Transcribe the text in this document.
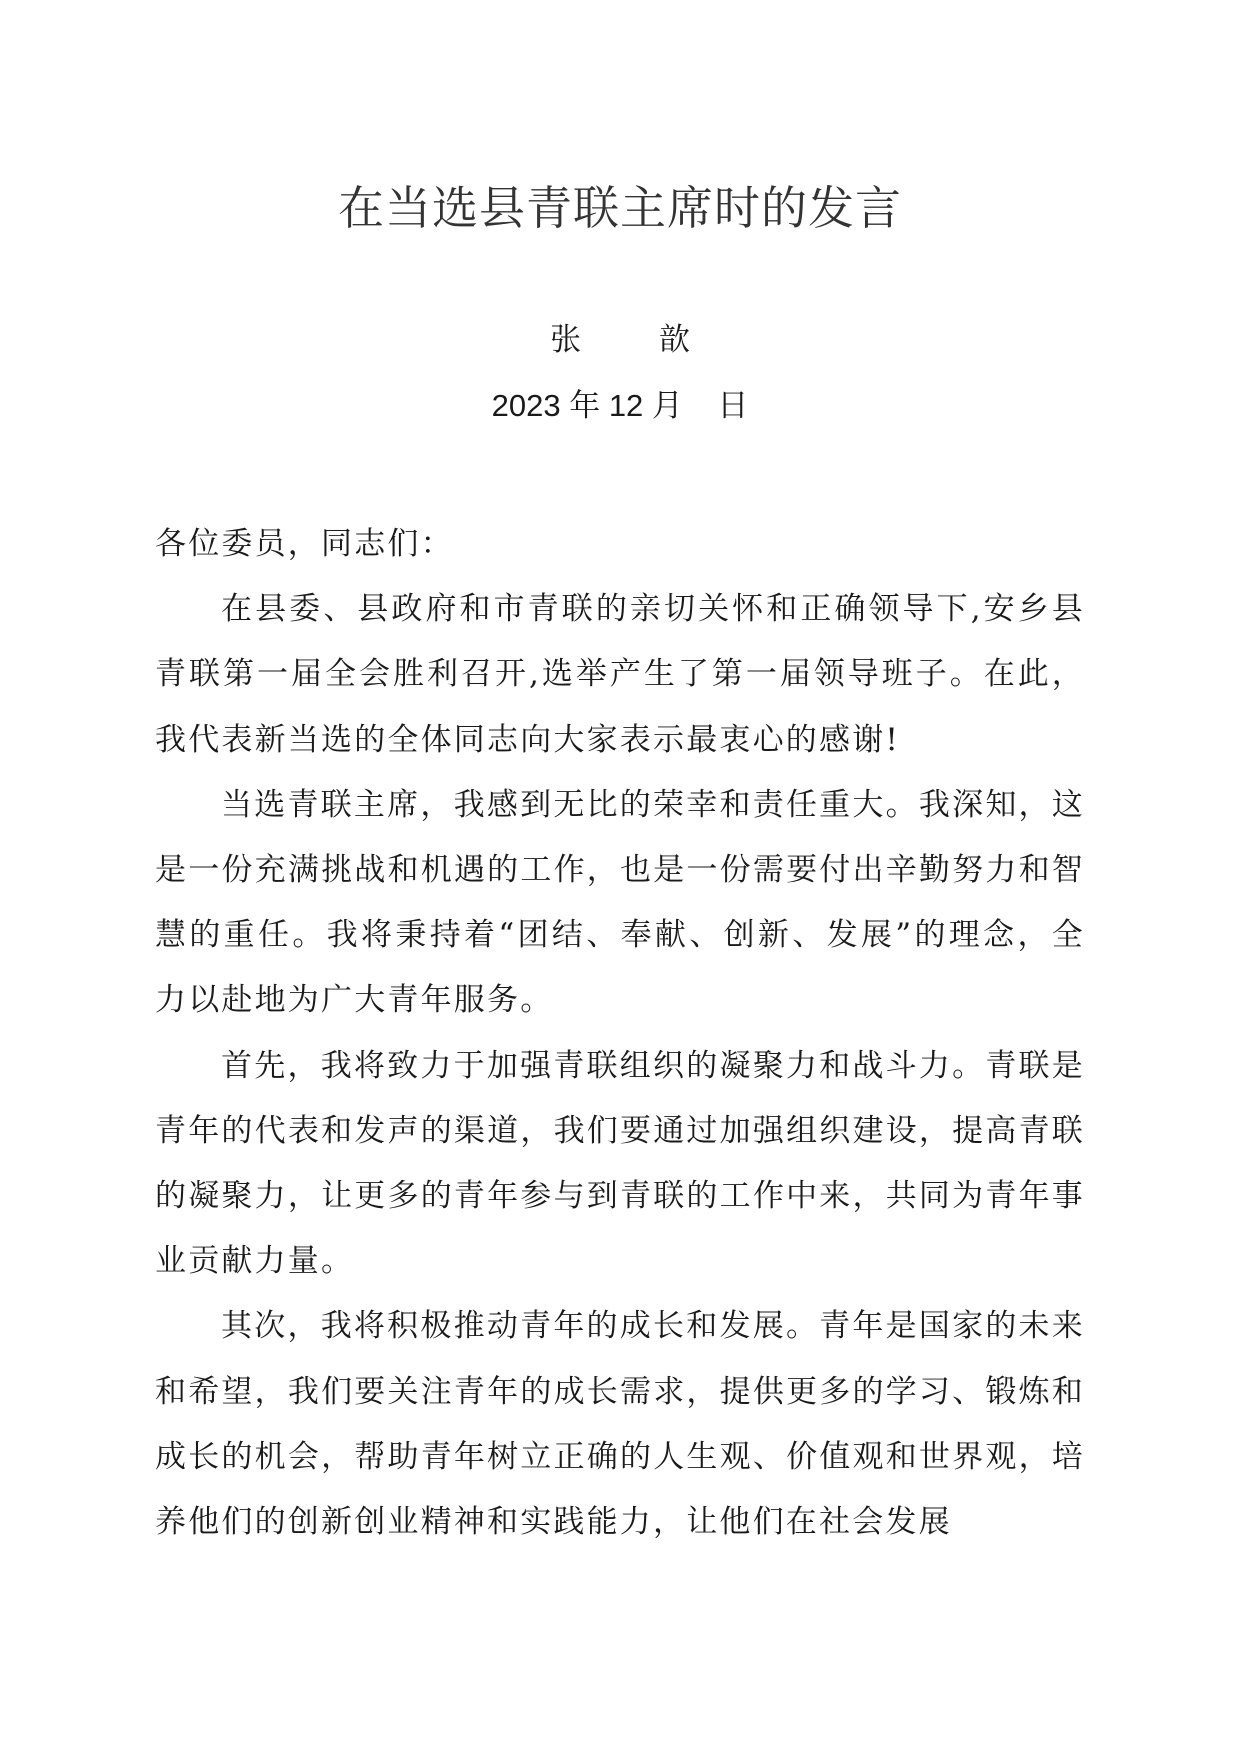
在当选县青联主席时的发言
张 歆
2023 年 12 月    日

各位委员，同志们：

在县委、县政府和市青联的亲切关怀和正确领导下,安乡县青联第一届全会胜利召开,选举产生了第一届领导班子。在此，我代表新当选的全体同志向大家表示最衷心的感谢!

当选青联主席，我感到无比的荣幸和责任重大。我深知，这是一份充满挑战和机遇的工作，也是一份需要付出辛勤努力和智慧的重任。我将秉持着“团结、奉献、创新、发展”的理念，全力以赴地为广大青年服务。

首先，我将致力于加强青联组织的凝聚力和战斗力。青联是青年的代表和发声的渠道，我们要通过加强组织建设，提高青联的凝聚力，让更多的青年参与到青联的工作中来，共同为青年事业贡献力量。

其次，我将积极推动青年的成长和发展。青年是国家的未来和希望，我们要关注青年的成长需求，提供更多的学习、锻炼和成长的机会，帮助青年树立正确的人生观、价值观和世界观，培养他们的创新创业精神和实践能力，让他们在社会发展
